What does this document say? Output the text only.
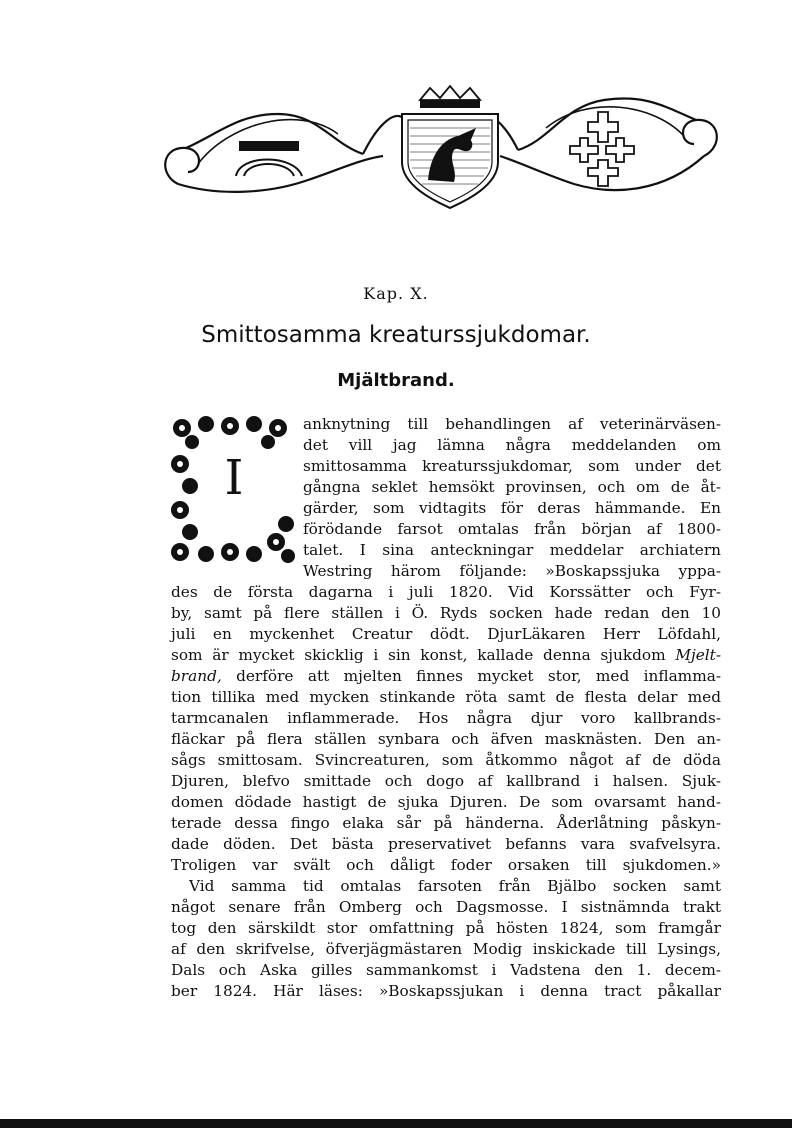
Kap. X.
Smittosamma kreaturssjukdomar.
Mjältbrand.
I
anknytning till behandlingen af veterinärväsen-
det vill jag lämna några meddelanden om
smittosamma kreaturssjukdomar, som under det
gångna seklet hemsökt provinsen, och om de åt-
gärder, som vidtagits för deras hämmande. En
förödande farsot omtalas från början af 1800-
talet. I sina anteckningar meddelar archiatern
Westring härom följande: »Boskapssjuka yppa-
des de första dagarna i juli 1820. Vid Korssätter och Fyr-
by, samt på flere ställen i Ö. Ryds socken hade redan den 10
juli en myckenhet Creatur dödt. DjurLäkaren Herr Löfdahl,
som är mycket skicklig i sin konst, kallade denna sjukdom Mjelt-
brand, derföre att mjelten finnes mycket stor, med inflamma-
tion tillika med mycken stinkande röta samt de flesta delar med
tarmcanalen inflammerade. Hos några djur voro kallbrands-
fläckar på flera ställen synbara och äfven masknästen. Den an-
sågs smittosam. Svincreaturen, som åtkommo något af de döda
Djuren, blefvo smittade och dogo af kallbrand i halsen. Sjuk-
domen dödade hastigt de sjuka Djuren. De som ovarsamt hand-
terade dessa fingo elaka sår på händerna. Åderlåtning påskyn-
dade döden. Det bästa preservativet befanns vara svafvelsyra.
Troligen var svält och dåligt foder orsaken till sjukdomen.»
Vid samma tid omtalas farsoten från Bjälbo socken samt
något senare från Omberg och Dagsmosse. I sistnämnda trakt
tog den särskildt stor omfattning på hösten 1824, som framgår
af den skrifvelse, öfverjägmästaren Modig inskickade till Lysings,
Dals och Aska gilles sammankomst i Vadstena den 1. decem-
ber 1824. Här läses: »Boskapssjukan i denna tract påkallar
